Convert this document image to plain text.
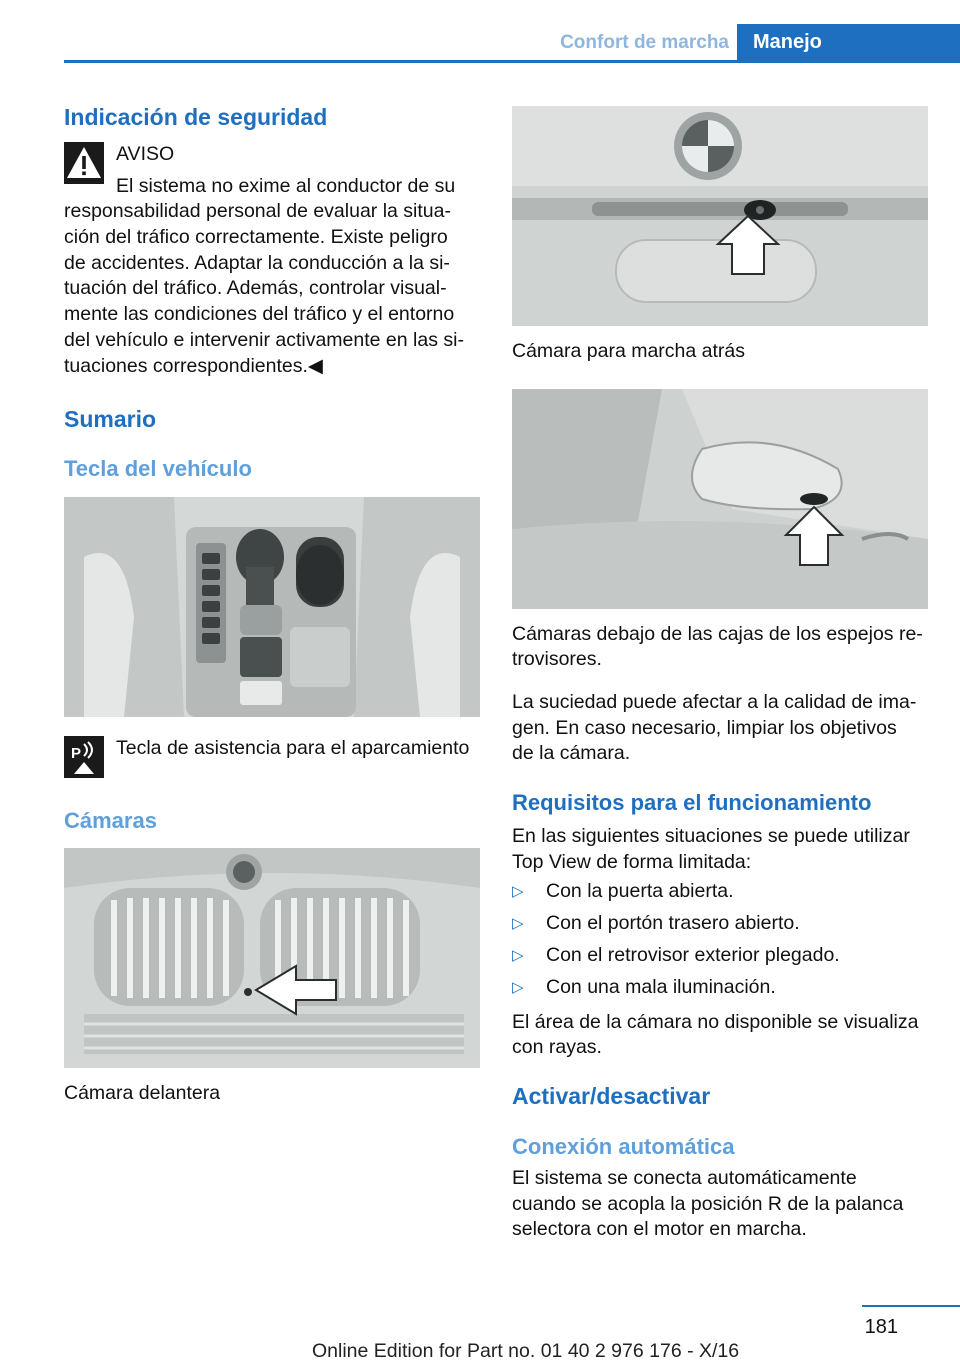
Confort de marcha	Manejo
Indicación de seguridad

AVISO

El sistema no exime al conductor de su

responsabilidad personal de evaluar la situa‐
ción del tráfico correctamente. Existe peligro
de accidentes. Adaptar la conducción a la si‐
tuación del tráfico. Además, controlar visual‐
mente las condiciones del tráfico y el entorno
del vehículo e intervenir activamente en las si‐
tuaciones correspondientes.◀
Sumario
Tecla del vehículo
P Tecla de asistencia para el aparcamiento

Cámaras

Cámara delantera

Cámara para marcha atrás

Cámaras debajo de las cajas de los espejos re‐
trovisores.
La suciedad puede afectar a la calidad de ima‐
gen. En caso necesario, limpiar los objetivos
de la cámara.
Requisitos para el funcionamiento
En las siguientes situaciones se puede utilizar
Top View de forma limitada:
▷ Con la puerta abierta.
▷ Con el portón trasero abierto.
▷ Con el retrovisor exterior plegado.
▷ Con una mala iluminación.
El área de la cámara no disponible se visualiza
con rayas.
Activar/desactivar
Conexión automática
El sistema se conecta automáticamente
cuando se acopla la posición R de la palanca
selectora con el motor en marcha.
181
Online Edition for Part no. 01 40 2 976 176 - X/16
